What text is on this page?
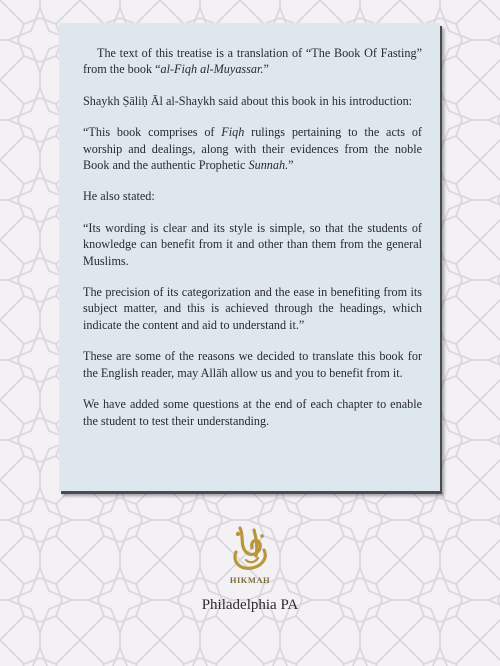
The text of this treatise is a translation of “The Book Of Fasting” from the book “al-Fiqh al-Muyassar.”

Shaykh Ṣāliḥ Āl al-Shaykh said about this book in his introduction:

“This book comprises of Fiqh rulings pertaining to the acts of worship and dealings, along with their evidences from the noble Book and the authentic Prophetic Sunnah.”

He also stated:

“Its wording is clear and its style is simple, so that the students of knowledge can benefit from it and other than them from the general Muslims.

The precision of its categorization and the ease in benefiting from its subject matter, and this is achieved through the headings, which indicate the content and aid to understand it.”

These are some of the reasons we decided to translate this book for the English reader, may Allāh allow us and you to benefit from it.

We have added some questions at the end of each chapter to enable the student to test their understanding.

HIKMAH
Philadelphia PA
